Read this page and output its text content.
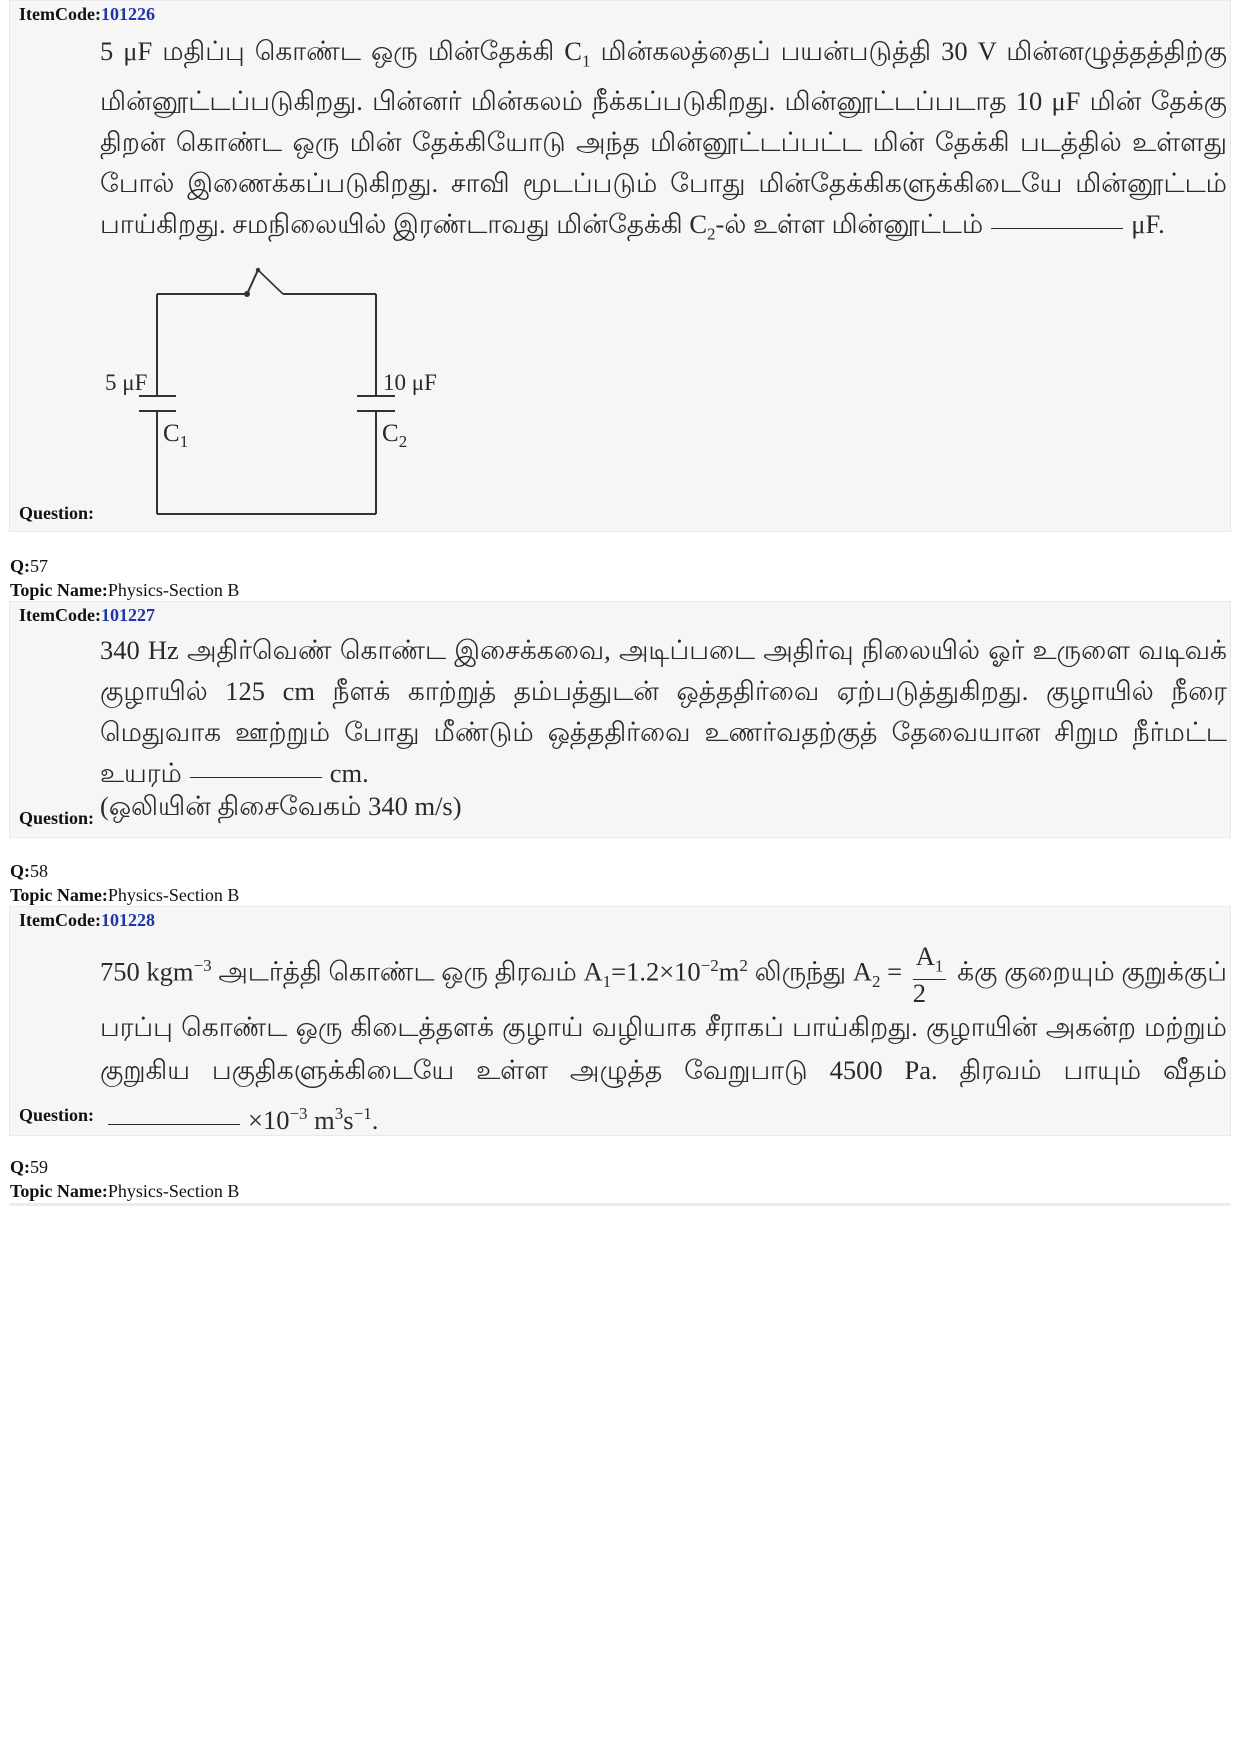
ItemCode:101226
5 μF மதிப்பு கொண்ட ஒரு மின்தேக்கி $C_1$ மின்கலத்தைப் பயன்படுத்தி 30 V மின்னழுத்தத்திற்கு மின்னூட்டப்படுகிறது. பின்னர் மின்கலம் நீக்கப்படுகிறது. மின்னூட்டப்படாத 10 μF மின் தேக்கு திறன் கொண்ட ஒரு மின் தேக்கியோடு அந்த மின்னூட்டப்பட்ட மின் தேக்கி படத்தில் உள்ளது போல் இணைக்கப்படுகிறது. சாவி மூடப்படும் போது மின்தேக்கிகளுக்கிடையே மின்னூட்டம் பாய்கிறது. சமநிலையில் இரண்டாவது மின்தேக்கி $C_2-ல்$ உள்ள மின்னூட்டம்	μF.
5 μF	10 μF
$C_1$	$C_2$
Question:
Q:57
Topic Name:Physics-Section B
ItemCode:101227
340 Hz அதிர்வெண் கொண்ட இசைக்கவை, அடிப்படை அதிர்வு நிலையில் ஓர் உருளை வடிவக் குழாயில் 125 cm நீளக் காற்றுத் தம்பத்துடன் ஒத்ததிர்வை ஏற்படுத்துகிறது. குழாயில் நீரை மெதுவாக ஊற்றும் போது மீண்டும் ஒத்ததிர்வை உணர்வதற்குத் தேவையான சிறும நீர்மட்ட உயரம்	cm.
(ஒலியின் திசைவேகம் 340 m/s)
Question:
Q:58
Topic Name:Physics-Section B
ItemCode:101228
750 kgm$^{-3}$ அடர்த்தி கொண்ட ஒரு திரவம் $A_1=1.2\times 10^{-2}m^2$ லிருந்து $A_2 = \frac{A_1}{2}$ க்கு குறையும் குறுக்குப் பரப்பு கொண்ட ஒரு கிடைத்தளக் குழாய் வழியாக சீராகப் பாய்கிறது. குழாயின் அகன்ற மற்றும் குறுகிய பகுதிகளுக்கிடையே உள்ள அழுத்த வேறுபாடு 4500 Pa. திரவம் பாயும் $வீதம்\times 10^{-3}$ $m^3s^{-1}$.
Question:
Q:59
Topic Name:Physics-Section B
